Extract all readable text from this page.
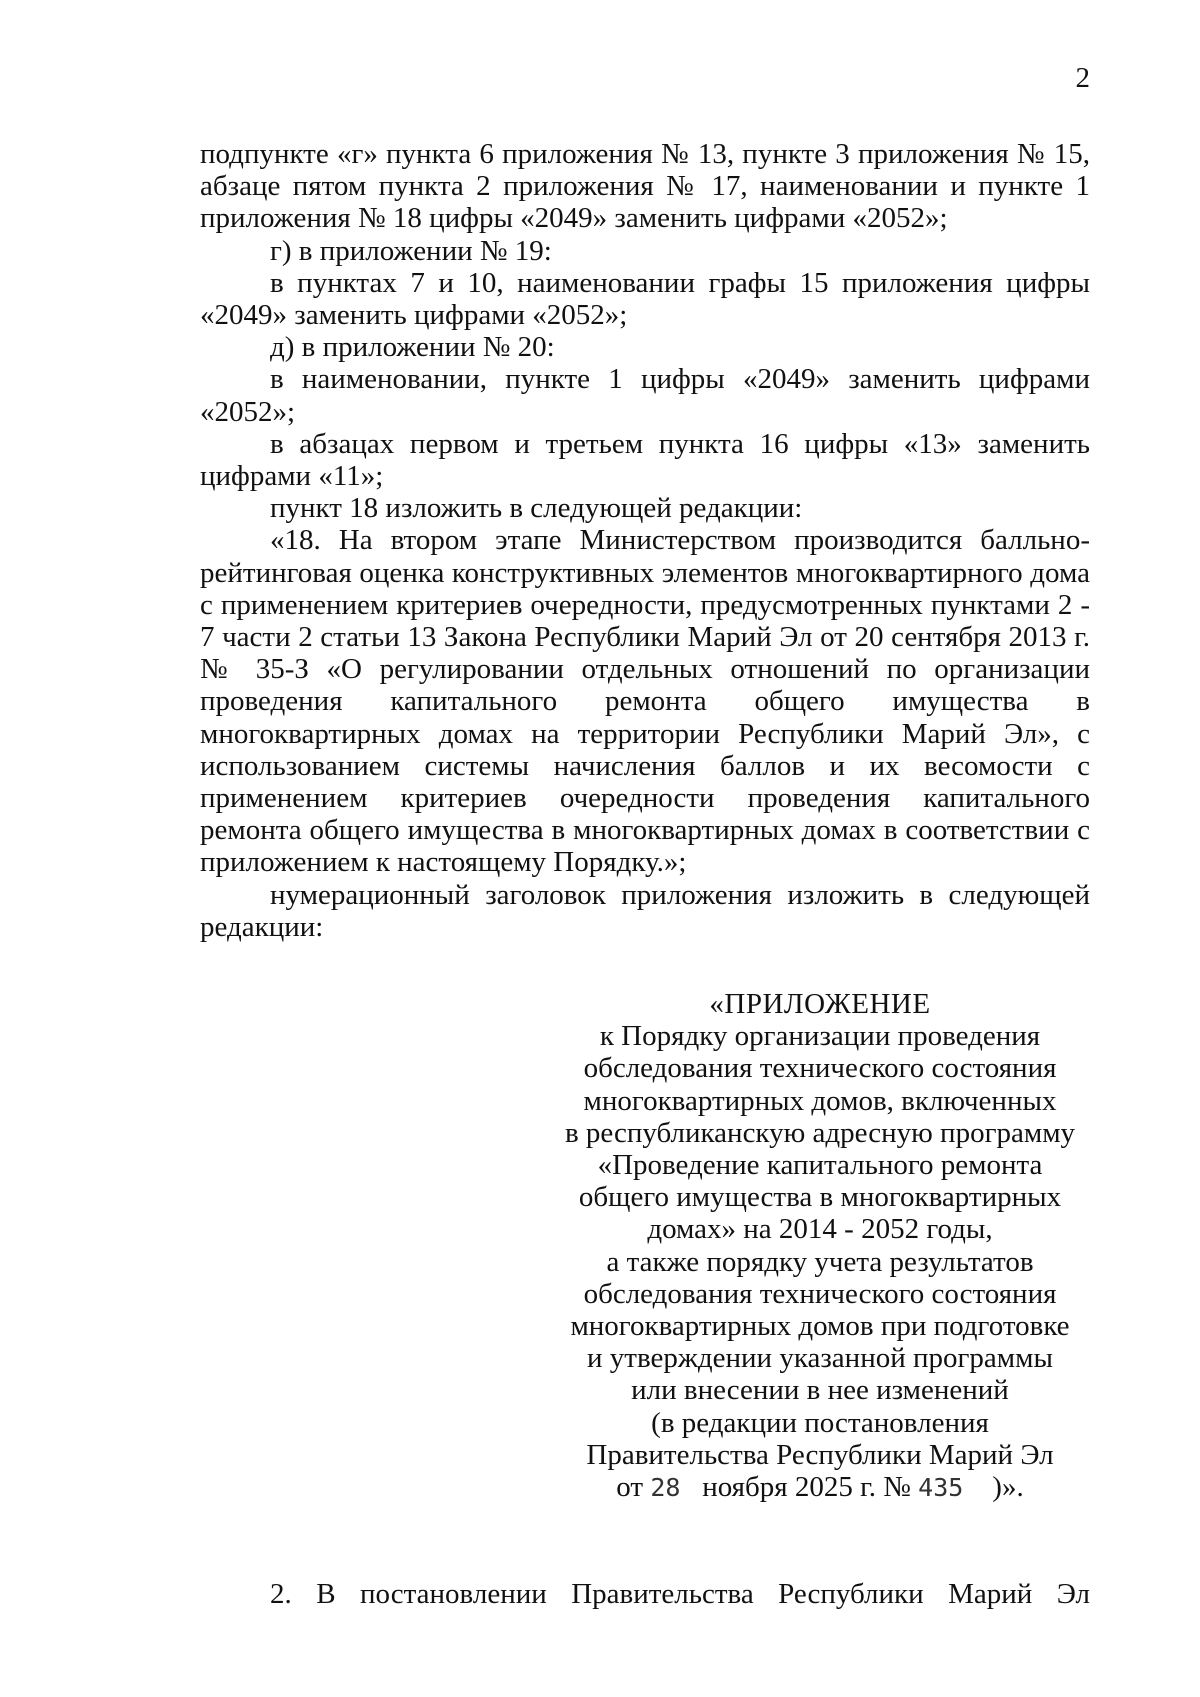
2

подпункте «г» пункта 6 приложения № 13, пункте 3 приложения № 15, абзаце пятом пункта 2 приложения № 17, наименовании и пункте 1 приложения № 18 цифры «2049» заменить цифрами «2052»;

г) в приложении № 19:

в пунктах 7 и 10, наименовании графы 15 приложения цифры «2049» заменить цифрами «2052»;

д) в приложении № 20:

в наименовании, пункте 1 цифры «2049» заменить цифрами «2052»;

в абзацах первом и третьем пункта 16 цифры «13» заменить цифрами «11»;

пункт 18 изложить в следующей редакции:

«18. На втором этапе Министерством производится балльно-рейтинговая оценка конструктивных элементов многоквартирного дома с применением критериев очередности, предусмотренных пунктами 2 - 7 части 2 статьи 13 Закона Республики Марий Эл от 20 сентября 2013 г. № 35-З «О регулировании отдельных отношений по организации проведения капитального ремонта общего имущества в многоквартирных домах на территории Республики Марий Эл», с использованием системы начисления баллов и их весомости с применением критериев очередности проведения капитального ремонта общего имущества в многоквартирных домах в соответствии с приложением к настоящему Порядку.»;

нумерационный заголовок приложения изложить в следующей редакции:

«ПРИЛОЖЕНИЕ
к Порядку организации проведения
обследования технического состояния
многоквартирных домов, включенных
в республиканскую адресную программу
«Проведение капитального ремонта
общего имущества в многоквартирных
домах» на 2014 - 2052 годы,
а также порядку учета результатов
обследования технического состояния
многоквартирных домов при подготовке
и утверждении указанной программы
или внесении в нее изменений
(в редакции постановления
Правительства Республики Марий Эл
от 28 ноября 2025 г. № 435 )».

2. В постановлении Правительства Республики Марий Эл
